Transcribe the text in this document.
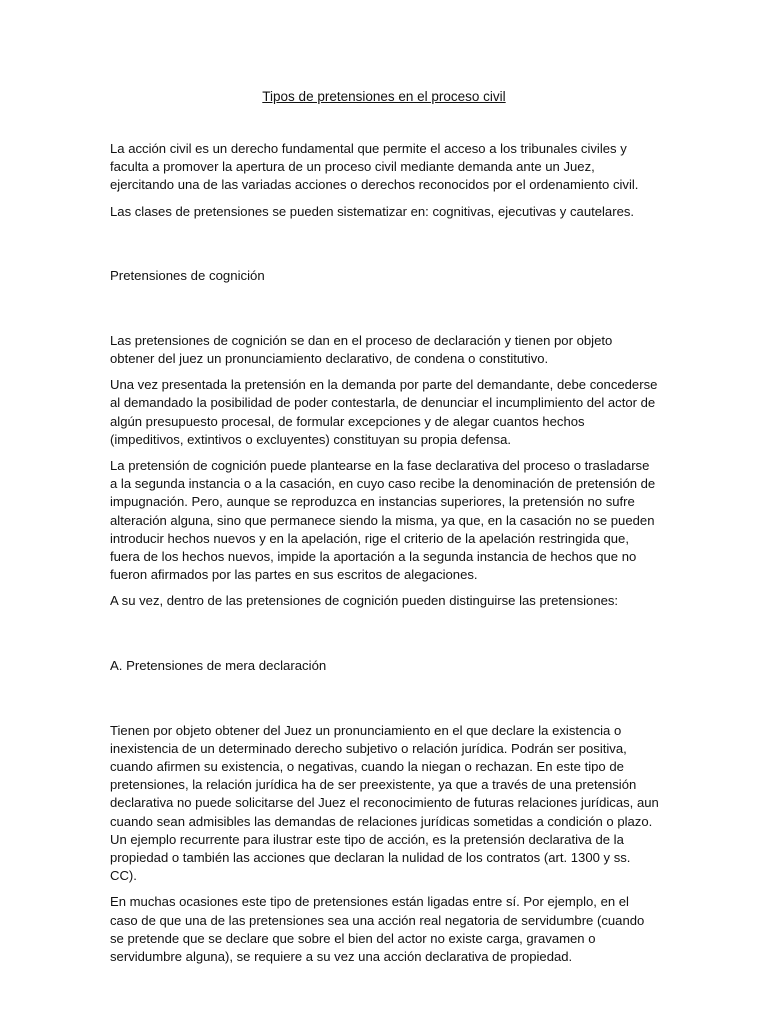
Tipos de pretensiones en el proceso civil

La acción civil es un derecho fundamental que permite el acceso a los tribunales civiles y faculta a promover la apertura de un proceso civil mediante demanda ante un Juez, ejercitando una de las variadas acciones o derechos reconocidos por el ordenamiento civil.

Las clases de pretensiones se pueden sistematizar en: cognitivas, ejecutivas y cautelares.

Pretensiones de cognición

Las pretensiones de cognición se dan en el proceso de declaración y tienen por objeto obtener del juez un pronunciamiento declarativo, de condena o constitutivo.

Una vez presentada la pretensión en la demanda por parte del demandante, debe concederse al demandado la posibilidad de poder contestarla, de denunciar el incumplimiento del actor de algún presupuesto procesal, de formular excepciones y de alegar cuantos hechos (impeditivos, extintivos o excluyentes) constituyan su propia defensa.

La pretensión de cognición puede plantearse en la fase declarativa del proceso o trasladarse a la segunda instancia o a la casación, en cuyo caso recibe la denominación de pretensión de impugnación. Pero, aunque se reproduzca en instancias superiores, la pretensión no sufre alteración alguna, sino que permanece siendo la misma, ya que, en la casación no se pueden introducir hechos nuevos y en la apelación, rige el criterio de la apelación restringida que, fuera de los hechos nuevos, impide la aportación a la segunda instancia de hechos que no fueron afirmados por las partes en sus escritos de alegaciones.

A su vez, dentro de las pretensiones de cognición pueden distinguirse las pretensiones:

A. Pretensiones de mera declaración

Tienen por objeto obtener del Juez un pronunciamiento en el que declare la existencia o inexistencia de un determinado derecho subjetivo o relación jurídica. Podrán ser positiva, cuando afirmen su existencia, o negativas, cuando la niegan o rechazan. En este tipo de pretensiones, la relación jurídica ha de ser preexistente, ya que a través de una pretensión declarativa no puede solicitarse del Juez el reconocimiento de futuras relaciones jurídicas, aun cuando sean admisibles las demandas de relaciones jurídicas sometidas a condición o plazo. Un ejemplo recurrente para ilustrar este tipo de acción, es la pretensión declarativa de la propiedad o también las acciones que declaran la nulidad de los contratos (art. 1300 y ss. CC).

En muchas ocasiones este tipo de pretensiones están ligadas entre sí. Por ejemplo, en el caso de que una de las pretensiones sea una acción real negatoria de servidumbre (cuando se pretende que se declare que sobre el bien del actor no existe carga, gravamen o servidumbre alguna), se requiere a su vez una acción declarativa de propiedad.
